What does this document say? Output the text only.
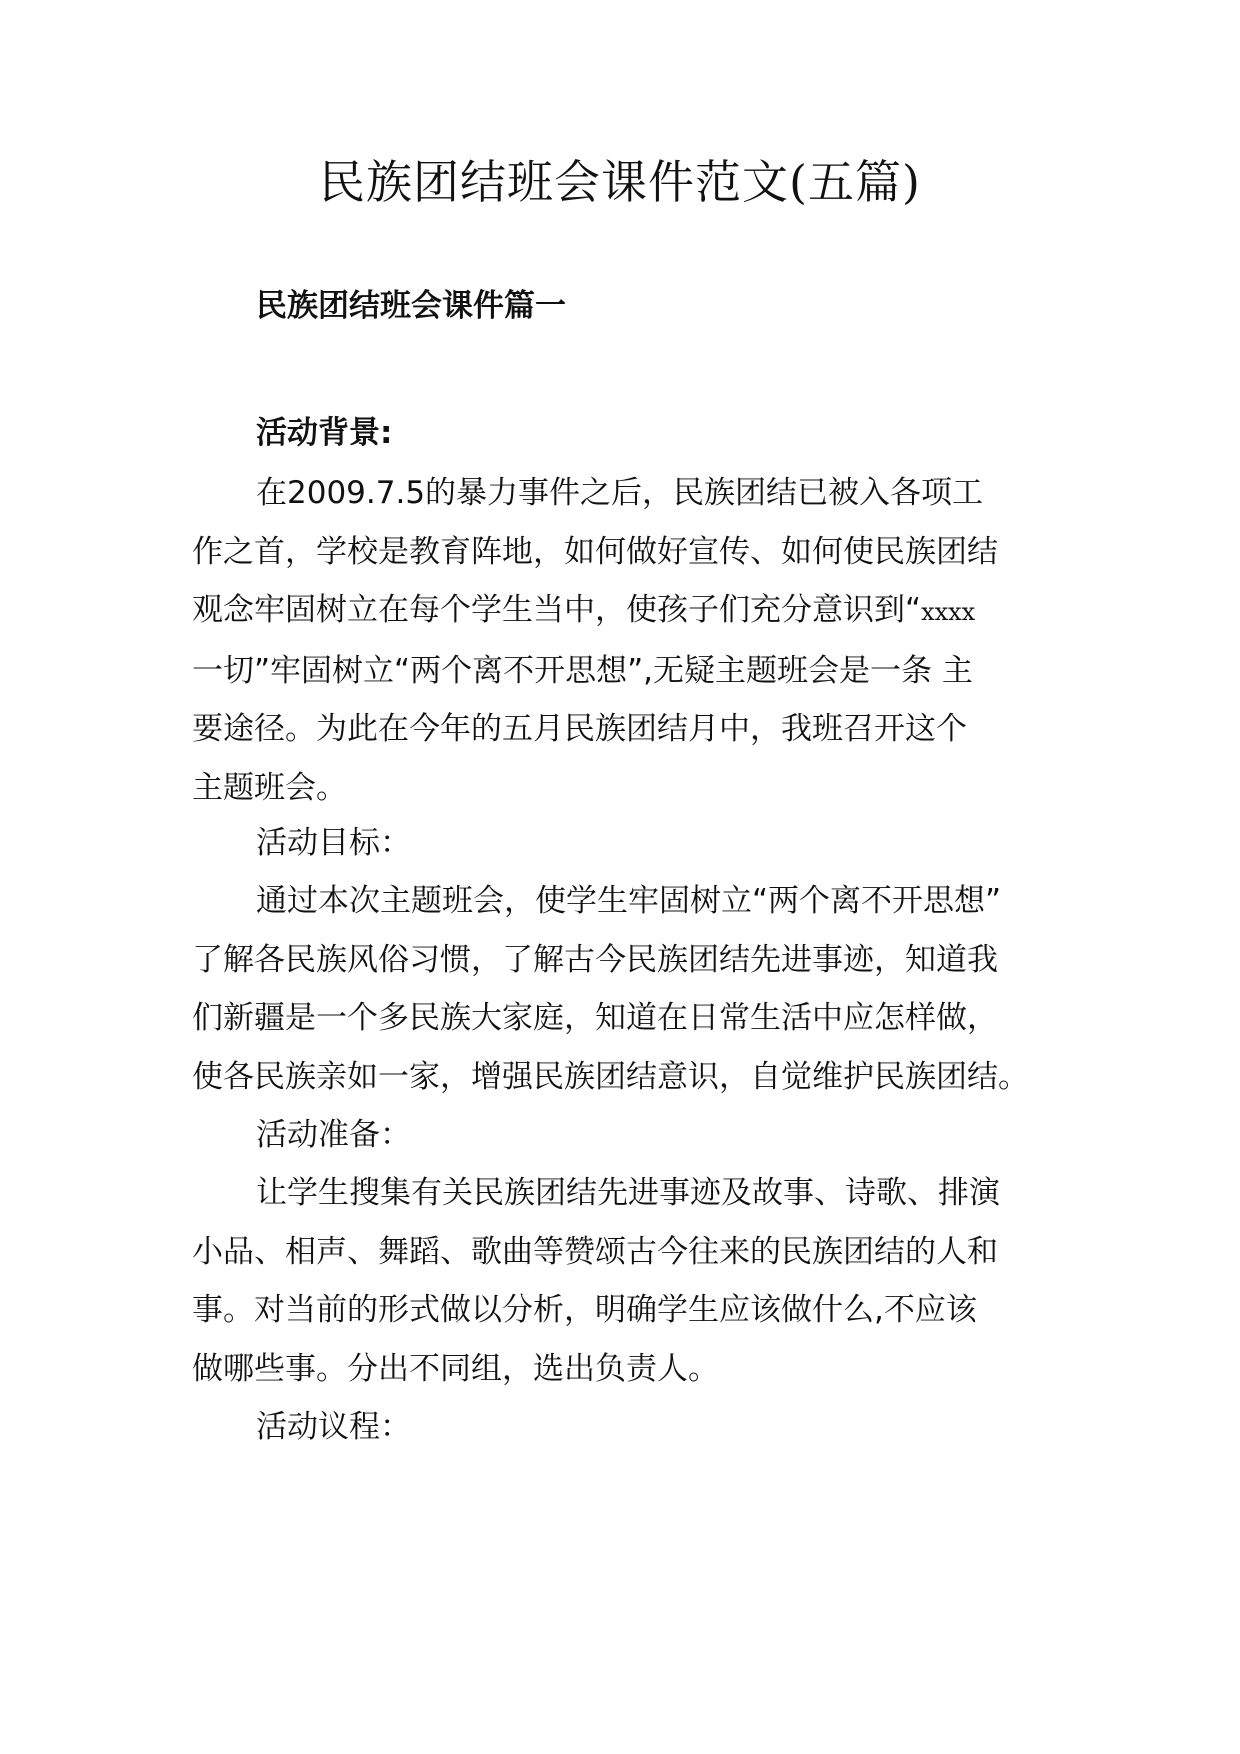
民族团结班会课件范文(五篇)
民族团结班会课件篇一

活动背景:

在2009.7.5的暴力事件之后，民族团结已被入各项工
作之首，学校是教育阵地，如何做好宣传、如何使民族团结
观念牢固树立在每个学生当中，使孩子们充分意识到“xxxx
一切”牢固树立“两个离不开思想”,无疑主题班会是一条 主
要途径。为此在今年的五月民族团结月中，我班召开这个
主题班会。

活动目标：

通过本次主题班会，使学生牢固树立“两个离不开思想”
了解各民族风俗习惯，了解古今民族团结先进事迹，知道我
们新疆是一个多民族大家庭，知道在日常生活中应怎样做，
使各民族亲如一家，增强民族团结意识，自觉维护民族团结。

活动准备：

让学生搜集有关民族团结先进事迹及故事、诗歌、排演
小品、相声、舞蹈、歌曲等赞颂古今往来的民族团结的人和
事。对当前的形式做以分析，明确学生应该做什么,不应该
做哪些事。分出不同组，选出负责人。

活动议程：
